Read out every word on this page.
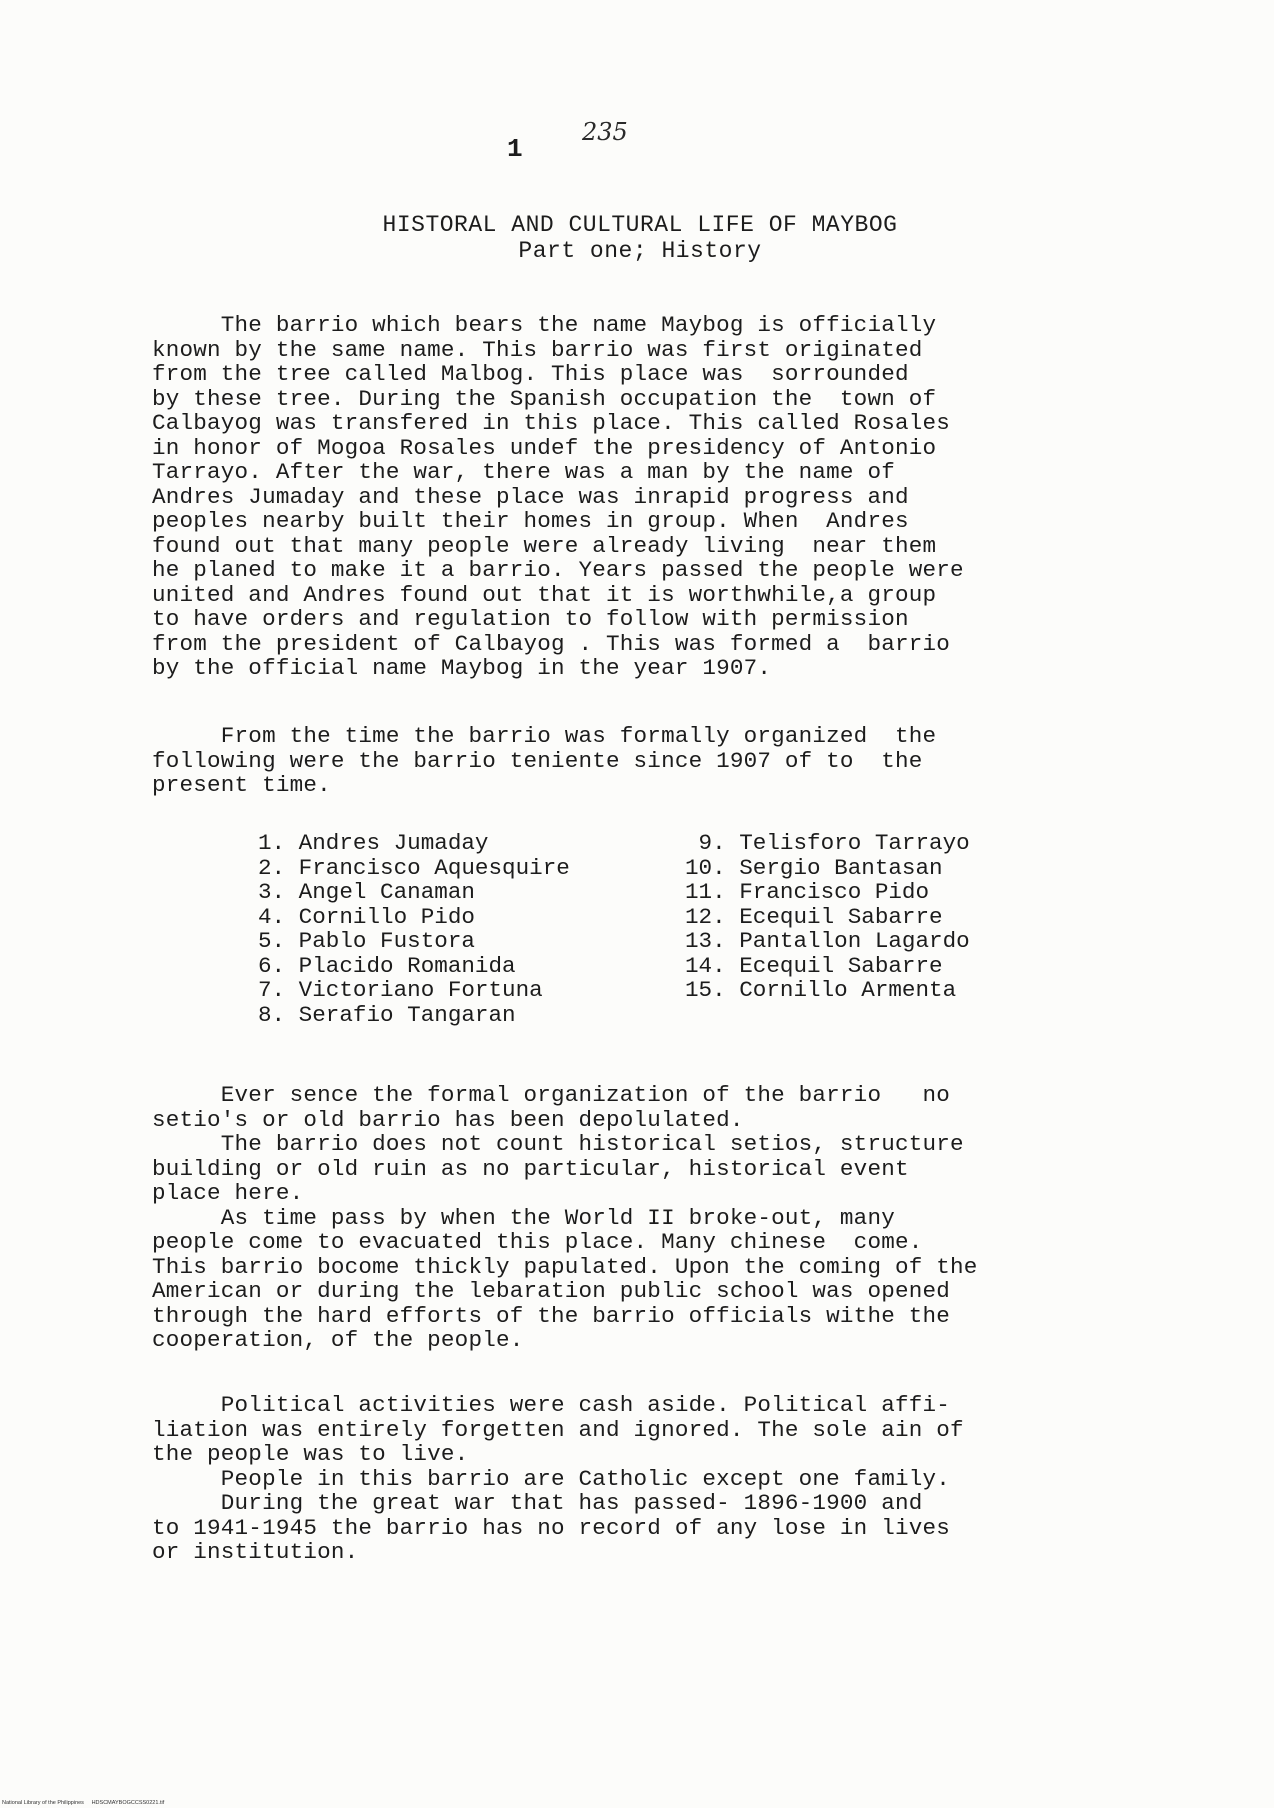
1
235
HISTORAL AND CULTURAL LIFE OF MAYBOG
Part one; History

The barrio which bears the name Maybog is officially
known by the same name. This barrio was first originated
from the tree called Malbog. This place was  sorrounded
by these tree. During the Spanish occupation the  town of
Calbayog was transfered in this place. This called Rosales
in honor of Mogoa Rosales undef the presidency of Antonio
Tarrayo. After the war, there was a man by the name of
Andres Jumaday and these place was inrapid progress and
peoples nearby built their homes in group. When  Andres
found out that many people were already living  near them
he planed to make it a barrio. Years passed the people were
united and Andres found out that it is worthwhile,a group
to have orders and regulation to follow with permission
from the president of Calbayog . This was formed a  barrio
by the official name Maybog in the year 1907.

From the time the barrio was formally organized  the
following were the barrio teniente since 1907 of to  the
present time.

1. Andres Jumaday
2. Francisco Aquesquire
3. Angel Canaman
4. Cornillo Pido
5. Pablo Fustora
6. Placido Romanida
7. Victoriano Fortuna
8. Serafio Tangaran
9. Telisforo Tarrayo
10. Sergio Bantasan
11. Francisco Pido
12. Ecequil Sabarre
13. Pantallon Lagardo
14. Ecequil Sabarre
15. Cornillo Armenta

Ever sence the formal organization of the barrio   no
setio's or old barrio has been depolulated.
The barrio does not count historical setios, structure
building or old ruin as no particular, historical event
place here.
As time pass by when the World II broke-out, many
people come to evacuated this place. Many chinese  come.
This barrio bocome thickly papulated. Upon the coming of the
American or during the lebaration public school was opened
through the hard efforts of the barrio officials withe the
cooperation, of the people.

Political activities were cash aside. Political affi-
liation was entirely forgetten and ignored. The sole ain of
the people was to live.
People in this barrio are Catholic except one family.
During the great war that has passed- 1896-1900 and
to 1941-1945 the barrio has no record of any lose in lives
or institution.

National Library of the Philippines     HDSCMAYBOGCCSS0221.tif
